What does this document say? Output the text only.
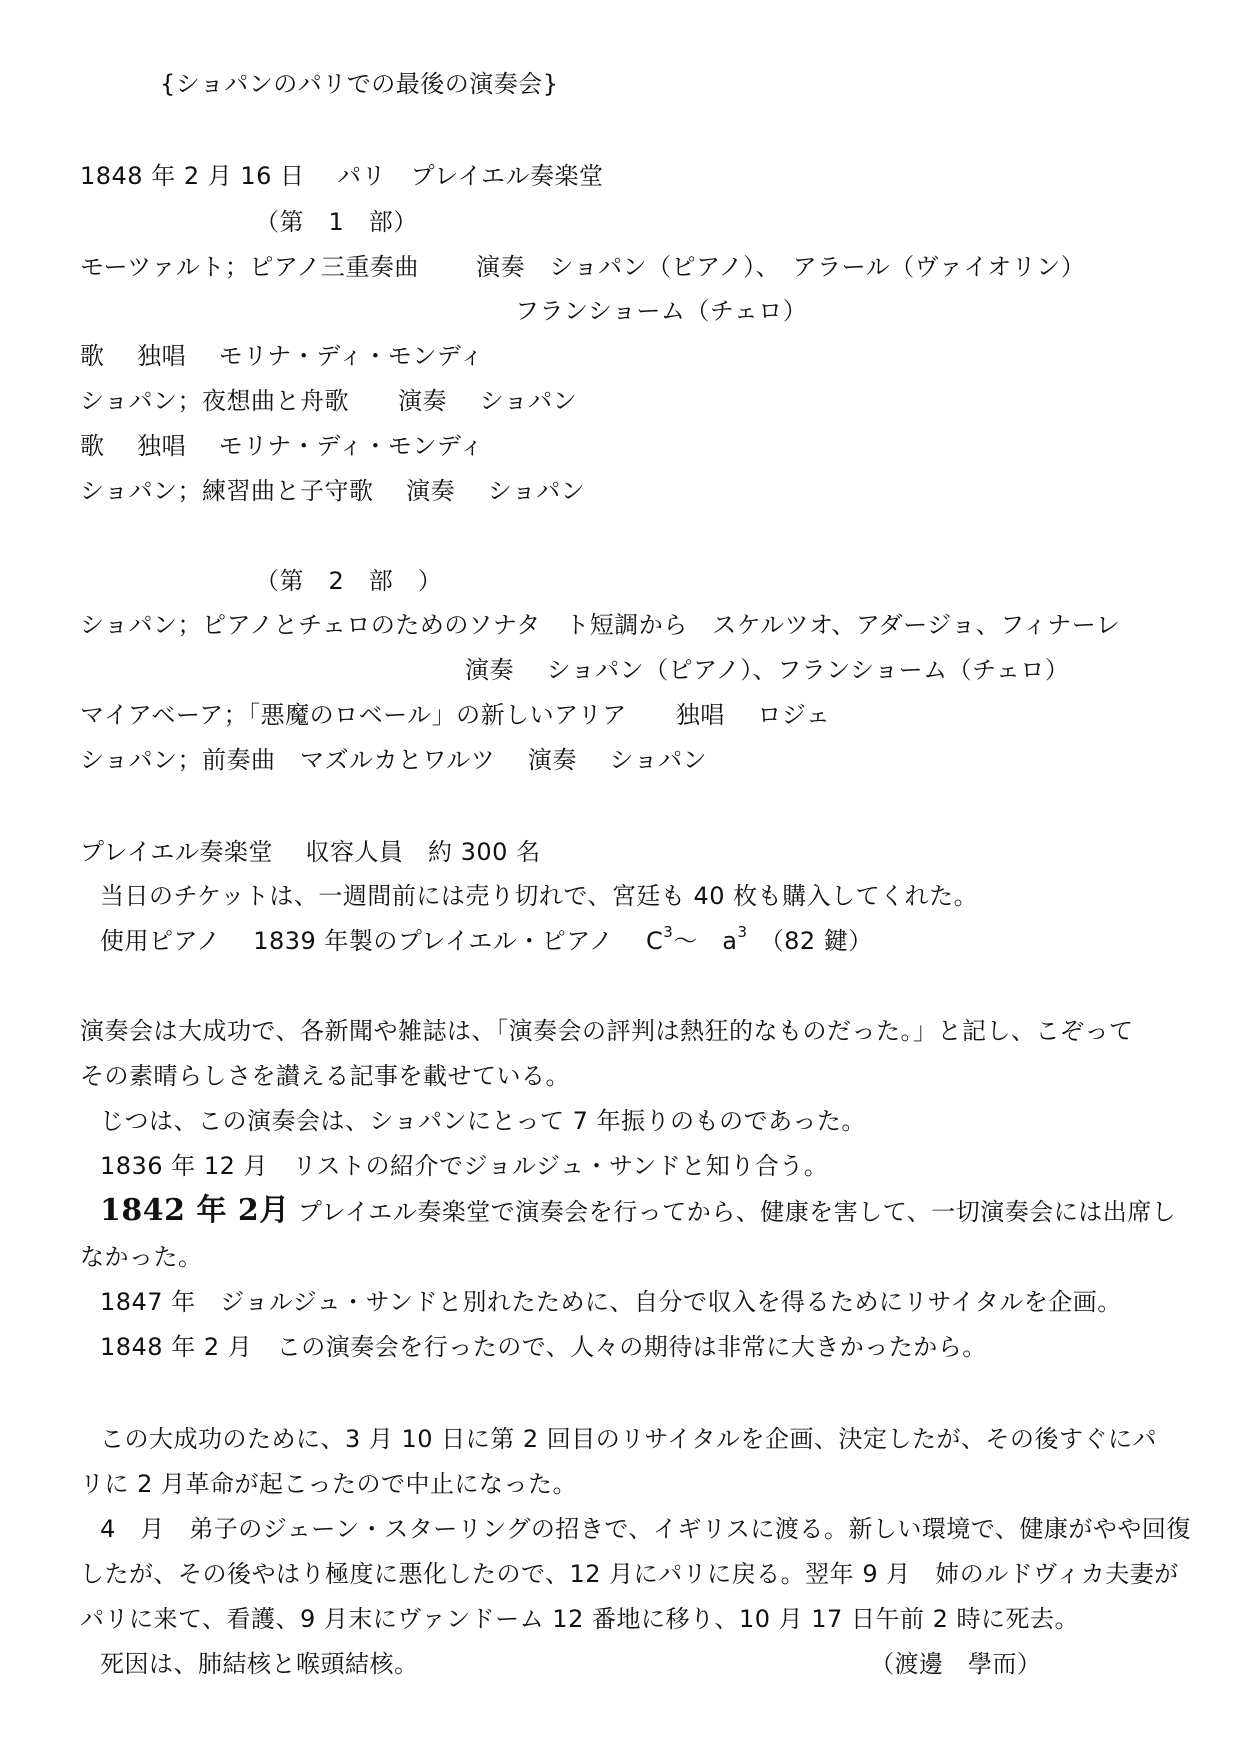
{ショパンのパリでの最後の演奏会}
1848 年 2 月 16 日　 パリ　プレイエル奏楽堂
（第　1　部）
モーツァルト；ピアノ三重奏曲　　 演奏　ショパン（ピアノ）、　アラール（ヴァイオリン）
フランショーム（チェロ）
歌　 独唱　 モリナ・ディ・モンディ
ショパン；夜想曲と舟歌　　演奏　 ショパン
歌　 独唱　 モリナ・ディ・モンディ
ショパン；練習曲と子守歌　 演奏　 ショパン
（第　2　部　）
ショパン；ピアノとチェロのためのソナタ　ト短調から　スケルツオ、アダージョ、フィナーレ
演奏　 ショパン（ピアノ）、フランショーム（チェロ）
マイアベーア；「悪魔のロベール」の新しいアリア　　独唱　 ロジェ
ショパン；前奏曲　マズルカとワルツ　 演奏　 ショパン
プレイエル奏楽堂　 収容人員　約 300 名
当日のチケットは、一週間前には売り切れで、宮廷も 40 枚も購入してくれた。
使用ピアノ　 1839 年製のプレイエル・ピアノ　 $C^3\sim$　$a^3$ （82 鍵）
演奏会は大成功で、各新聞や雑誌は、「演奏会の評判は熱狂的なものだった。」と記し、こぞって
その素晴らしさを讃える記事を載せている。
じつは、この演奏会は、ショパンにとって 7 年振りのものであった。
1836 年 12 月　リストの紹介でジョルジュ・サンドと知り合う。
1842 年 2月 プレイエル奏楽堂で演奏会を行ってから、健康を害して、一切演奏会には出席し
なかった。
1847 年　ジョルジュ・サンドと別れたために、自分で収入を得るためにリサイタルを企画。
1848 年 2 月　この演奏会を行ったので、人々の期待は非常に大きかったから。
この大成功のために、3 月 10 日に第 2 回目のリサイタルを企画、決定したが、その後すぐにパ
リに 2 月革命が起こったので中止になった。
4　月　弟子のジェーン・スターリングの招きで、イギリスに渡る。新しい環境で、健康がやや回復
したが、その後やはり極度に悪化したので、12 月にパリに戻る。翌年 9 月　姉のルドヴィカ夫妻が
パリに来て、看護、9 月末にヴァンドーム 12 番地に移り、10 月 17 日午前 2 時に死去。
死因は、肺結核と喉頭結核。	（渡邊　學而）
